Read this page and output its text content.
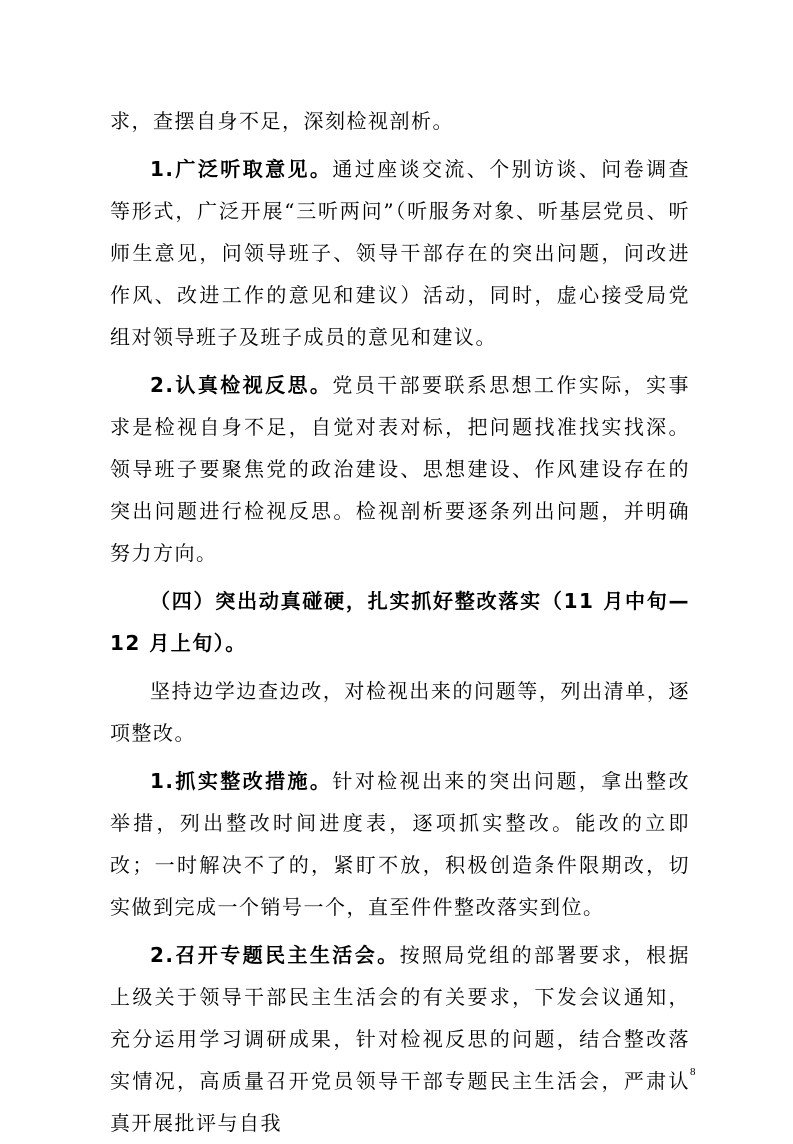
求，查摆自身不足，深刻检视剖析。

1.广泛听取意见。通过座谈交流、个别访谈、问卷调查等形式，广泛开展“三听两问”（听服务对象、听基层党员、听师生意见，问领导班子、领导干部存在的突出问题，问改进作风、改进工作的意见和建议）活动，同时，虚心接受局党组对领导班子及班子成员的意见和建议。

2.认真检视反思。党员干部要联系思想工作实际，实事求是检视自身不足，自觉对表对标，把问题找准找实找深。领导班子要聚焦党的政治建设、思想建设、作风建设存在的突出问题进行检视反思。检视剖析要逐条列出问题，并明确努力方向。

（四）突出动真碰硬，扎实抓好整改落实（11 月中旬—12 月上旬）。

坚持边学边查边改，对检视出来的问题等，列出清单，逐项整改。

1.抓实整改措施。针对检视出来的突出问题，拿出整改举措，列出整改时间进度表，逐项抓实整改。能改的立即改；一时解决不了的，紧盯不放，积极创造条件限期改，切实做到完成一个销号一个，直至件件整改落实到位。

2.召开专题民主生活会。按照局党组的部署要求，根据上级关于领导干部民主生活会的有关要求，下发会议通知，充分运用学习调研成果，针对检视反思的问题，结合整改落实情况，高质量召开党员领导干部专题民主生活会，严肃认真开展批评与自我

8
